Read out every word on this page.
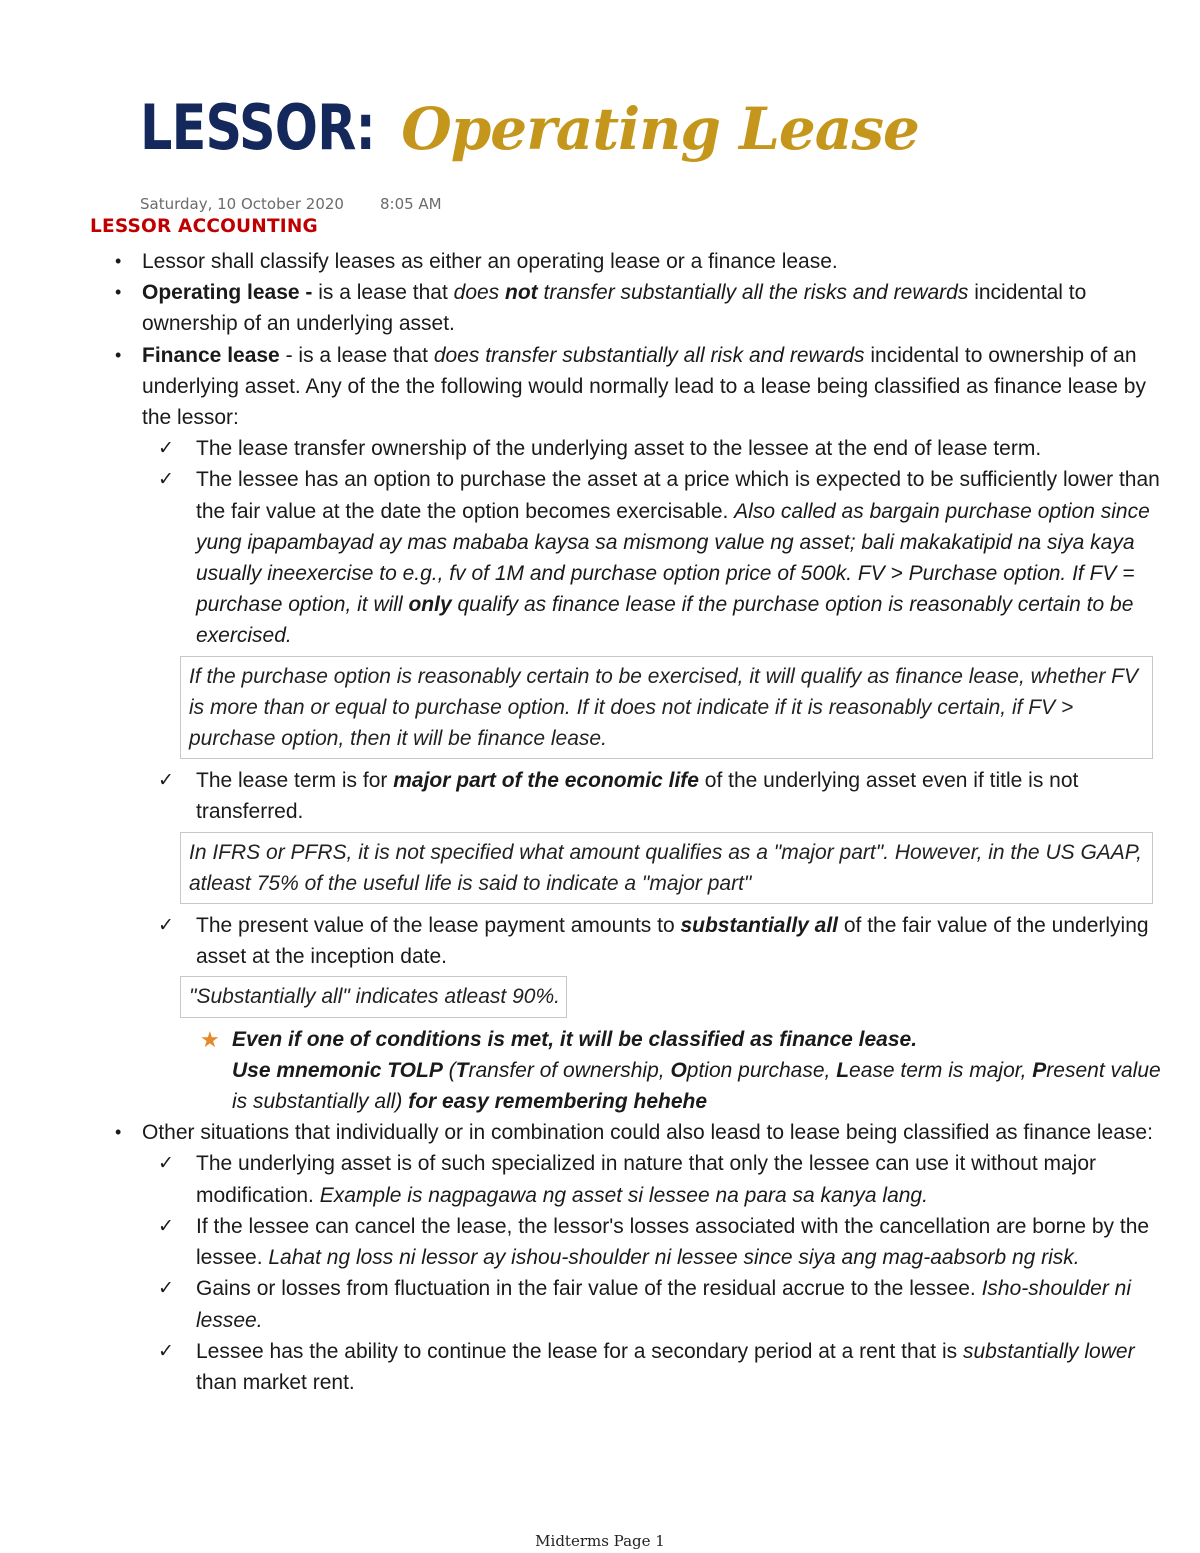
LESSOR: Operating Lease
Saturday, 10 October 2020 8:05 AM
LESSOR ACCOUNTING
• Lessor shall classify leases as either an operating lease or a finance lease.
• Operating lease - is a lease that does not transfer substantially all the risks and rewards incidental to ownership of an underlying asset.
• Finance lease - is a lease that does transfer substantially all risk and rewards incidental to ownership of an underlying asset. Any of the the following would normally lead to a lease being classified as finance lease by the lessor:
✓ The lease transfer ownership of the underlying asset to the lessee at the end of lease term.
✓ The lessee has an option to purchase the asset at a price which is expected to be sufficiently lower than the fair value at the date the option becomes exercisable. Also called as bargain purchase option since yung ipapambayad ay mas mababa kaysa sa mismong value ng asset; bali makakatipid na siya kaya usually ineexercise to e.g., fv of 1M and purchase option price of 500k. FV > Purchase option. If FV = purchase option, it will only qualify as finance lease if the purchase option is reasonably certain to be exercised.
If the purchase option is reasonably certain to be exercised, it will qualify as finance lease, whether FV is more than or equal to purchase option. If it does not indicate if it is reasonably certain, if FV > purchase option, then it will be finance lease.
✓ The lease term is for major part of the economic life of the underlying asset even if title is not transferred.
In IFRS or PFRS, it is not specified what amount qualifies as a "major part". However, in the US GAAP, atleast 75% of the useful life is said to indicate a "major part"
✓ The present value of the lease payment amounts to substantially all of the fair value of the underlying asset at the inception date.
"Substantially all" indicates atleast 90%.
★ Even if one of conditions is met, it will be classified as finance lease.
Use mnemonic TOLP (Transfer of ownership, Option purchase, Lease term is major, Present value is substantially all) for easy remembering hehehe
• Other situations that individually or in combination could also leasd to lease being classified as finance lease:
✓ The underlying asset is of such specialized in nature that only the lessee can use it without major modification. Example is nagpagawa ng asset si lessee na para sa kanya lang.
✓ If the lessee can cancel the lease, the lessor's losses associated with the cancellation are borne by the lessee. Lahat ng loss ni lessor ay ishou-shoulder ni lessee since siya ang mag-aabsorb ng risk.
✓ Gains or losses from fluctuation in the fair value of the residual accrue to the lessee. Isho-shoulder ni lessee.
✓ Lessee has the ability to continue the lease for a secondary period at a rent that is substantially lower than market rent.
Midterms Page 1
